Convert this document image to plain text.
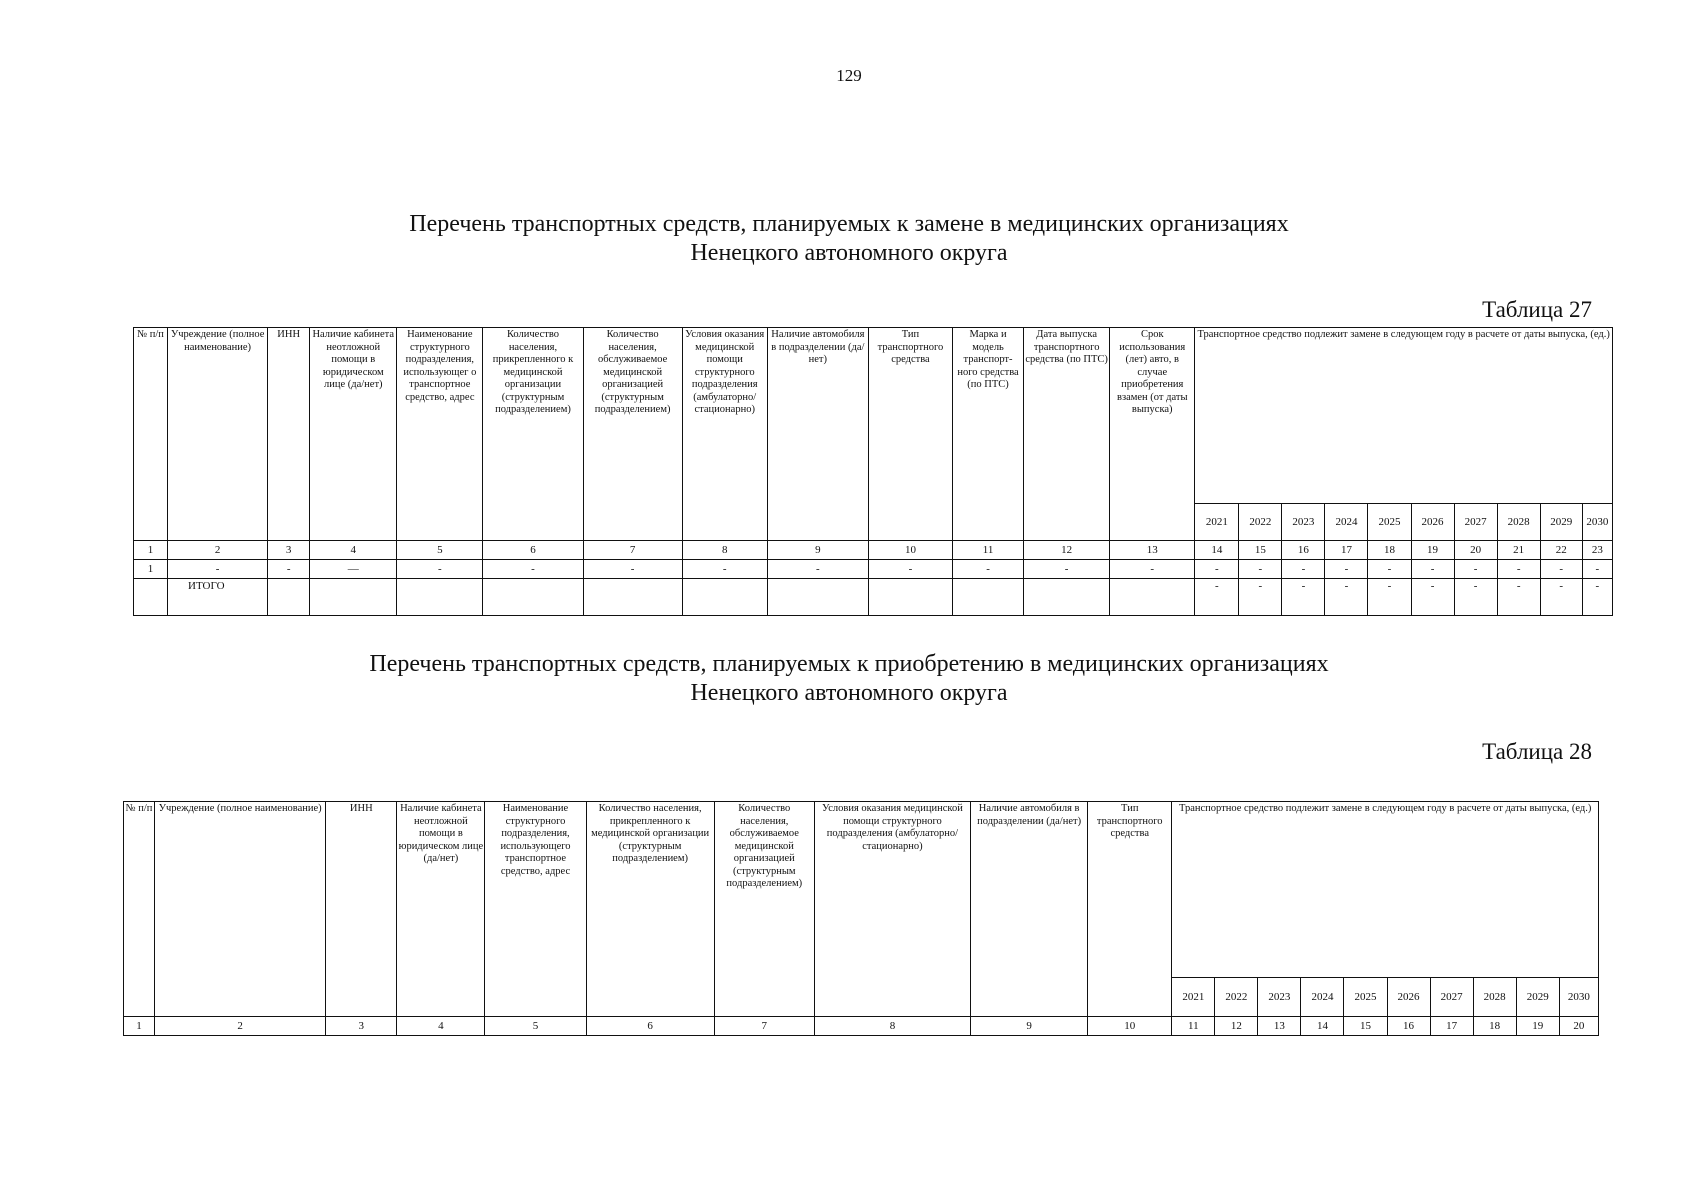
129
Перечень транспортных средств, планируемых к замене в медицинских организациях
Ненецкого автономного округа
Таблица 27
№ п/п	Учреждение (полное наименование)	ИНН	Наличие кабинета неотложной помощи в юридическом лице (да/нет)	Наименование структурного подразделения, использующег о транспортное средство, адрес	Количество населения, прикрепленного к медицинской организации (структурным подразделением)	Количество населения, обслуживаемое медицинской организацией (структурным подразделением)	Условия оказания медицинской помощи структурного подразделения (амбулаторно/ стационарно)	Наличие автомобиля в подразделении (да/нет)	Тип транспортного средства	Марка и модель транспорт- ного средства (по ПТС)	Дата выпуска транспортного средства (по ПТС)	Срок использования (лет) авто, в случае приобретения взамен (от даты выпуска)	Транспортное средство подлежит замене в следующем году в расчете от даты выпуска, (ед.)									
													2021	2022	2023	2024	2025	2026	2027	2028	2029	2030
1	2	3	4	5	6	7	8	9	10	11	12	13	14	15	16	17	18	19	20	21	22	23
1	-	-	—	-	-	-	-	-	-	-	-	-	-	-	-	-	-	-	-	-	-	-
	ИТОГО												-	-	-	-	-	-	-	-	-	-
Перечень транспортных средств, планируемых к приобретению в медицинских организациях
Ненецкого автономного округа
Таблица 28
№ п/п	Учреждение (полное наименование)	ИНН	Наличие кабинета неотложной помощи в юридическом лице (да/нет)	Наименование структурного подразделения, использующего транспортное средство, адрес	Количество населения, прикрепленного к медицинской организации (структурным подразделением)	Количество населения, обслуживаемое медицинской организацией (структурным подразделением)	Условия оказания медицинской помощи структурного подразделения (амбулаторно/стационарно)	Наличие автомобиля в подразделении (да/нет)	Тип транспортного средства	Транспортное средство подлежит замене в следующем году в расчете от даты выпуска, (ед.)									
										2021	2022	2023	2024	2025	2026	2027	2028	2029	2030
1	2	3	4	5	6	7	8	9	10	11	12	13	14	15	16	17	18	19	20
